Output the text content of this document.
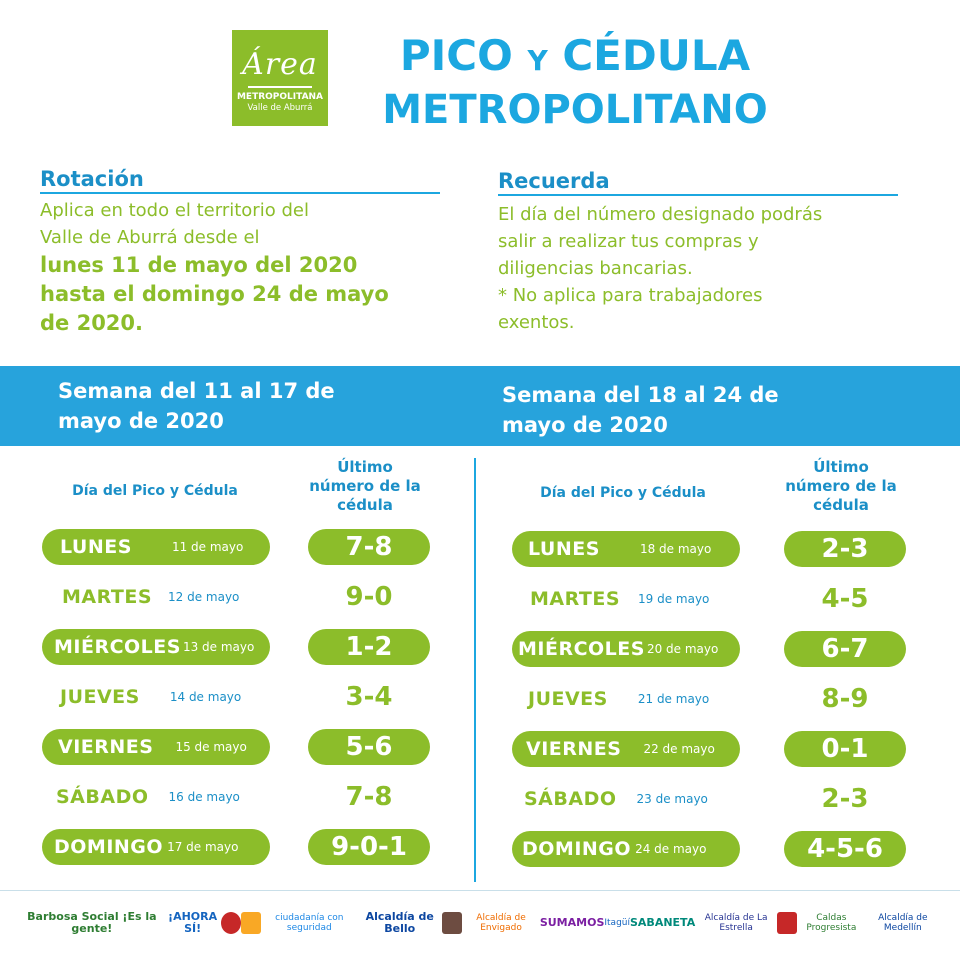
Área
METROPOLITANA
Valle de Aburrá
PICO Y CÉDULA
METROPOLITANO
Rotación
Aplica en todo el territorio del
Valle de Aburrá desde el
lunes 11 de mayo del 2020
hasta el domingo 24 de mayo
de 2020.
Recuerda
El día del número designado podrás
salir a realizar tus compras y
diligencias bancarias.
* No aplica para trabajadores
exentos.
Semana del 11 al 17 de
mayo de 2020
Semana del 18 al 24 de
mayo de 2020
Día del Pico y Cédula
Último
número de la
cédula
LUNES	11 de mayo	7-8
MARTES 12 de mayo	9-0
MIÉRCOLES 13 de mayo	1-2
JUEVES	14 de mayo	3-4
VIERNES 15 de mayo	5-6
SÁBADO 16 de mayo	7-8
DOMINGO 17 de mayo	9-0-1
Día del Pico y Cédula
Último
número de la
cédula
LUNES	18 de mayo	2-3
MARTES 19 de mayo	4-5
MIÉRCOLES 20 de mayo	6-7
JUEVES	21 de mayo	8-9
VIERNES 22 de mayo	0-1
SÁBADO 23 de mayo	2-3
DOMINGO 24 de mayo	4-5-6
Barbosa Social ¡Es la gente!
¡AHORA SÍ!
ciudadanía con seguridad
Alcaldía de Bello
Alcaldía de Envigado	SUMAMOS Itagüí SABANETA	Alcaldía de La Estrella
Caldas Progresista
Alcaldía de Medellín
